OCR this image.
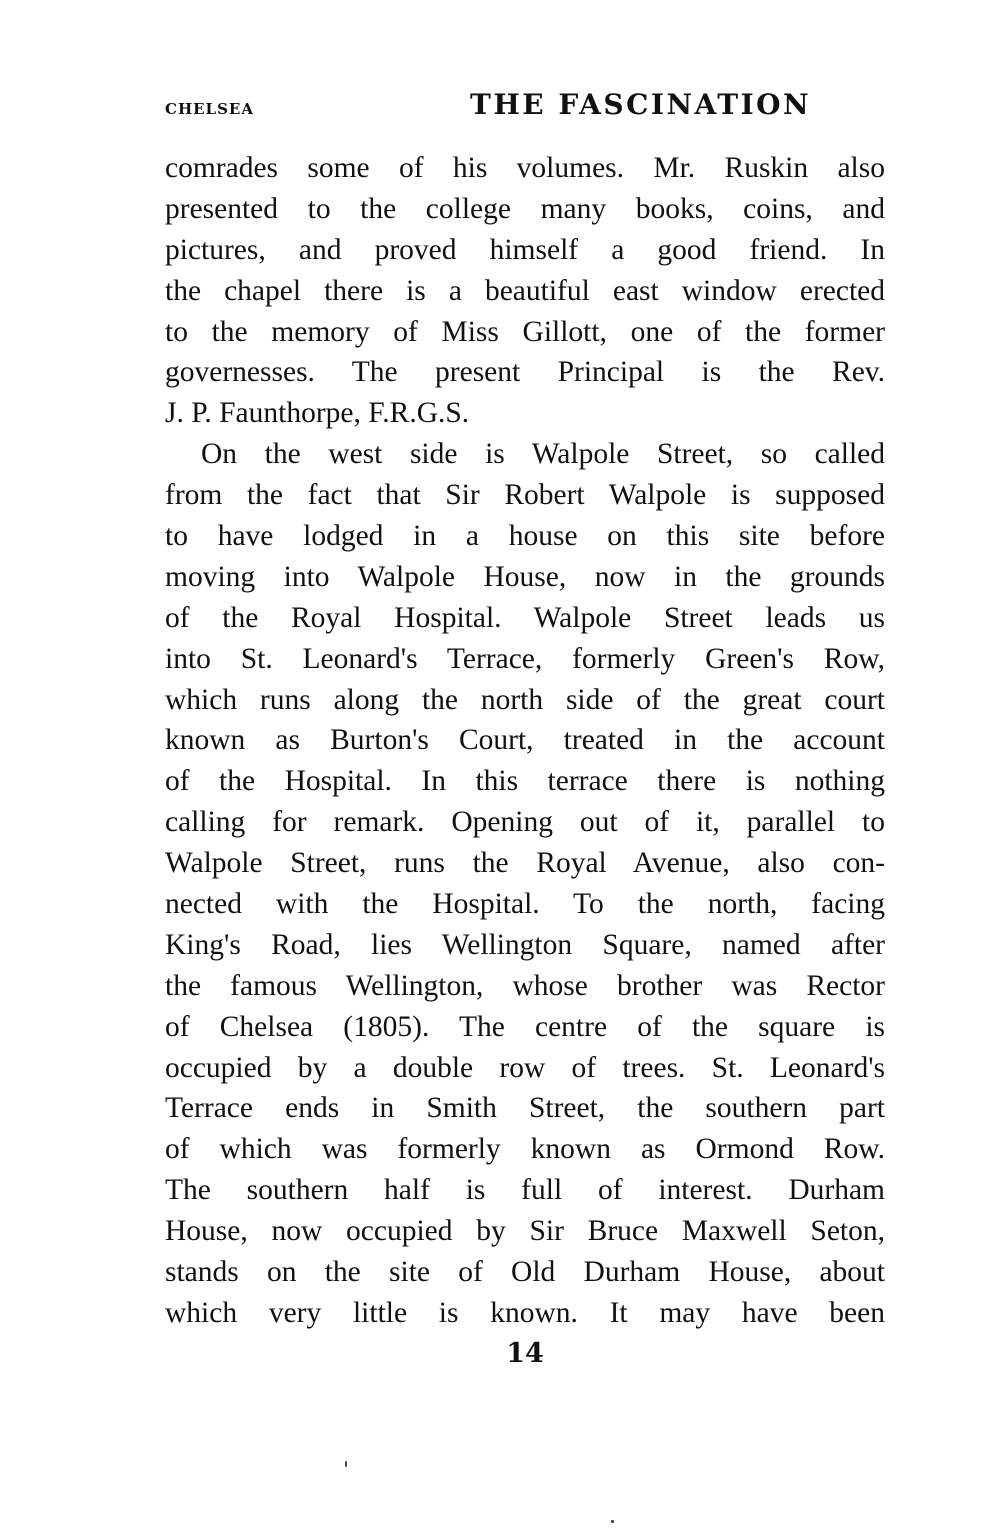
CHELSEA	THE FASCINATION
comrades some of his volumes. Mr. Ruskin also
presented to the college many books, coins, and
pictures, and proved himself a good friend. In
the chapel there is a beautiful east window erected
to the memory of Miss Gillott, one of the former
governesses. The present Principal is the Rev.
J. P. Faunthorpe, F.R.G.S.
On the west side is Walpole Street, so called
from the fact that Sir Robert Walpole is supposed
to have lodged in a house on this site before
moving into Walpole House, now in the grounds
of the Royal Hospital. Walpole Street leads us
into St. Leonard's Terrace, formerly Green's Row,
which runs along the north side of the great court
known as Burton's Court, treated in the account
of the Hospital. In this terrace there is nothing
calling for remark. Opening out of it, parallel to
Walpole Street, runs the Royal Avenue, also con-
nected with the Hospital. To the north, facing
King's Road, lies Wellington Square, named after
the famous Wellington, whose brother was Rector
of Chelsea (1805). The centre of the square is
occupied by a double row of trees. St. Leonard's
Terrace ends in Smith Street, the southern part
of which was formerly known as Ormond Row.
The southern half is full of interest. Durham
House, now occupied by Sir Bruce Maxwell Seton,
stands on the site of Old Durham House, about
which very little is known. It may have been
14
